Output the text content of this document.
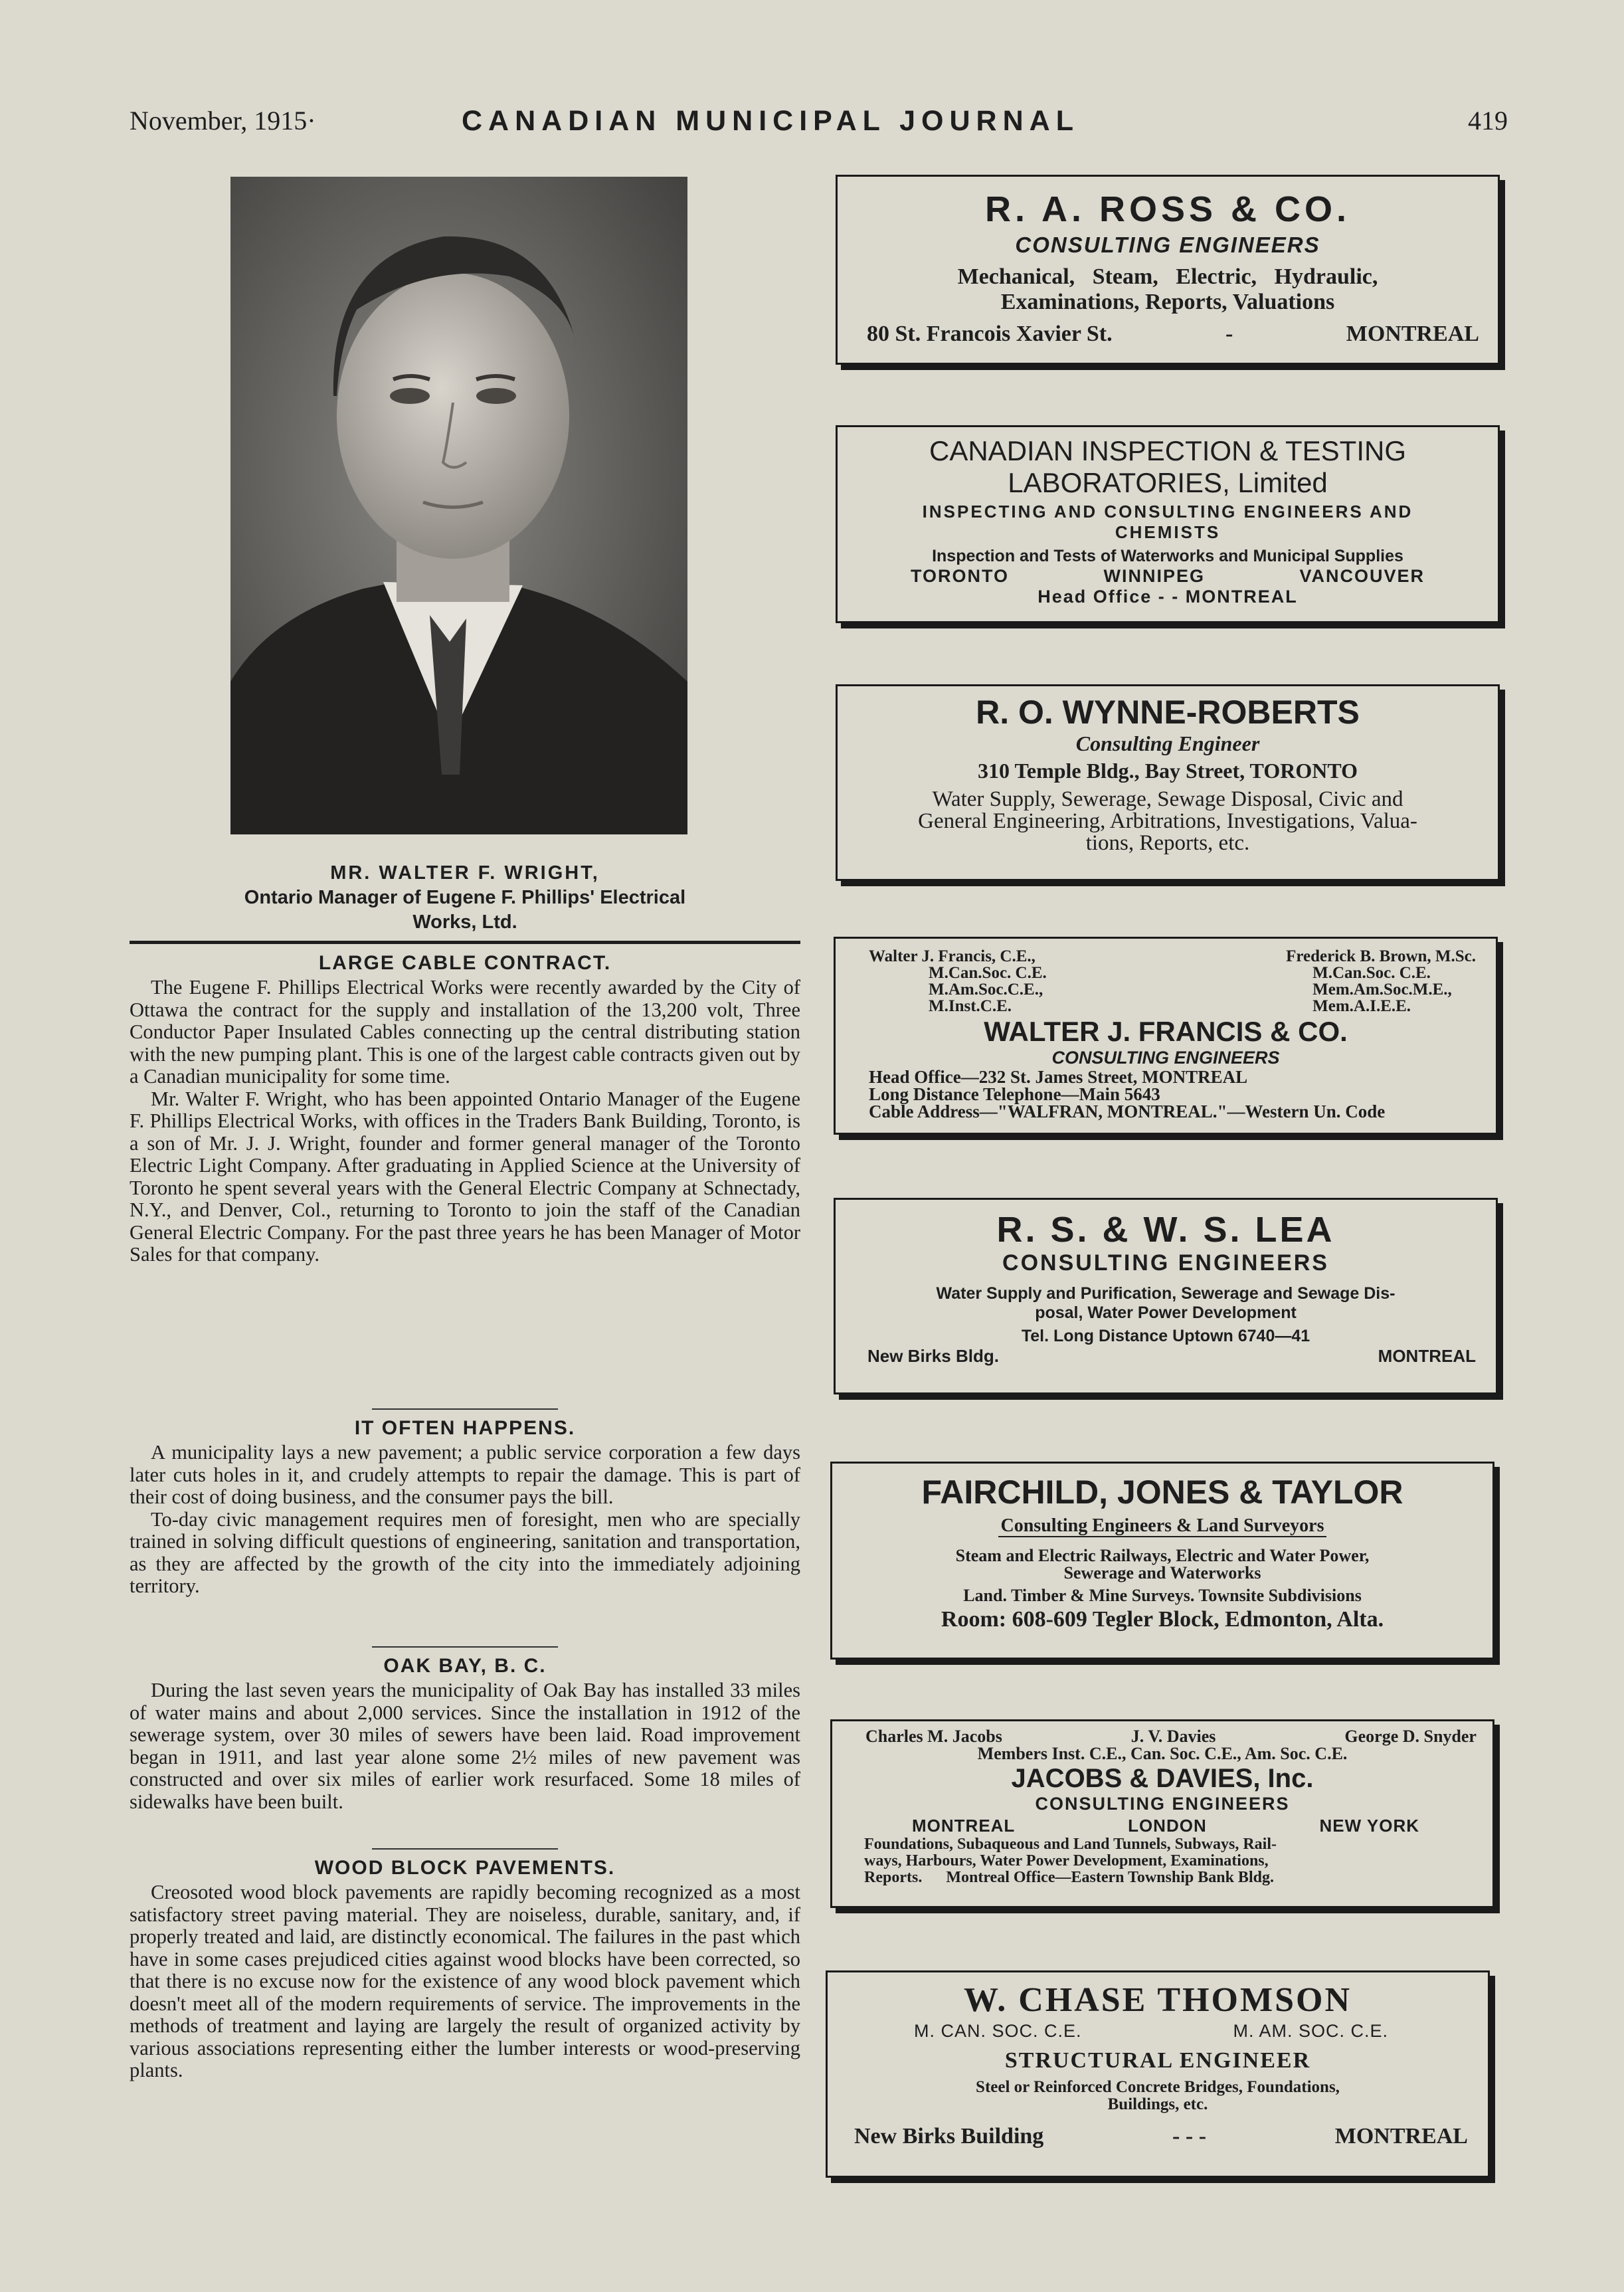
November, 1915·	CANADIAN MUNICIPAL JOURNAL	419
MR. WALTER F. WRIGHT,
Ontario Manager of Eugene F. Phillips' Electrical
Works, Ltd.
LARGE CABLE CONTRACT.

The Eugene F. Phillips Electrical Works were recently awarded by the City of Ottawa the contract for the supply and installation of the 13,200 volt, Three Conductor Paper Insulated Cables connecting up the central distributing station with the new pumping plant. This is one of the largest cable contracts given out by a Canadian municipality for some time.

Mr. Walter F. Wright, who has been appointed Ontario Manager of the Eugene F. Phillips Electrical Works, with offices in the Traders Bank Building, Toronto, is a son of Mr. J. J. Wright, founder and former general manager of the Toronto Electric Light Company. After graduating in Applied Science at the University of Toronto he spent several years with the General Electric Company at Schnectady, N.Y., and Denver, Col., returning to Toronto to join the staff of the Canadian General Electric Company. For the past three years he has been Manager of Motor Sales for that company.

IT OFTEN HAPPENS.

A municipality lays a new pavement; a public service corporation a few days later cuts holes in it, and crudely attempts to repair the damage. This is part of their cost of doing business, and the consumer pays the bill.

To-day civic management requires men of foresight, men who are specially trained in solving difficult questions of engineering, sanitation and transportation, as they are affected by the growth of the city into the immediately adjoining territory.

OAK BAY, B. C.

During the last seven years the municipality of Oak Bay has installed 33 miles of water mains and about 2,000 services. Since the installation in 1912 of the sewerage system, over 30 miles of sewers have been laid. Road improvement began in 1911, and last year alone some 2½ miles of new pavement was constructed and over six miles of earlier work resurfaced. Some 18 miles of sidewalks have been built.

WOOD BLOCK PAVEMENTS.

Creosoted wood block pavements are rapidly becoming recognized as a most satisfactory street paving material. They are noiseless, durable, sanitary, and, if properly treated and laid, are distinctly economical. The failures in the past which have in some cases prejudiced cities against wood blocks have been corrected, so that there is no excuse now for the existence of any wood block pavement which doesn't meet all of the modern requirements of service. The improvements in the methods of treatment and laying are largely the result of organized activity by various associations representing either the lumber interests or wood-preserving plants.

R. A. ROSS & CO.
CONSULTING ENGINEERS
Mechanical, Steam, Electric, Hydraulic,
Examinations, Reports, Valuations
80 St. Francois Xavier St.	-	MONTREAL
CANADIAN INSPECTION & TESTING
LABORATORIES, Limited
INSPECTING AND CONSULTING ENGINEERS AND
CHEMISTS
Inspection and Tests of Waterworks and Municipal Supplies
TORONTO	WINNIPEG	VANCOUVER
Head Office - - MONTREAL
R. O. WYNNE-ROBERTS
Consulting Engineer
310 Temple Bldg., Bay Street, TORONTO
Water Supply, Sewerage, Sewage Disposal, Civic and
General Engineering, Arbitrations, Investigations, Valua-
tions, Reports, etc.
Walter J. Francis, C.E.,
M.Can.Soc. C.E.
M.Am.Soc.C.E.,
M.Inst.C.E.
Frederick B. Brown, M.Sc.
M.Can.Soc. C.E.
Mem.Am.Soc.M.E.,
Mem.A.I.E.E.
WALTER J. FRANCIS & CO.
CONSULTING ENGINEERS
Head Office—232 St. James Street, MONTREAL
Long Distance Telephone—Main 5643
Cable Address—"WALFRAN, MONTREAL."—Western Un. Code
R. S. & W. S. LEA
CONSULTING ENGINEERS
Water Supply and Purification, Sewerage and Sewage Dis-
posal, Water Power Development
Tel. Long Distance Uptown 6740—41
New Birks Bldg.	MONTREAL
FAIRCHILD, JONES & TAYLOR
Consulting Engineers & Land Surveyors
Steam and Electric Railways, Electric and Water Power,
Sewerage and Waterworks
Land. Timber & Mine Surveys. Townsite Subdivisions
Room: 608-609 Tegler Block, Edmonton, Alta.
Charles M. Jacobs	J. V. Davies	George D. Snyder
Members Inst. C.E., Can. Soc. C.E., Am. Soc. C.E.
JACOBS & DAVIES, Inc.
CONSULTING ENGINEERS
MONTREAL	LONDON	NEW YORK
Foundations, Subaqueous and Land Tunnels, Subways, Rail-
ways, Harbours, Water Power Development, Examinations,
Reports. Montreal Office—Eastern Township Bank Bldg.
W. CHASE THOMSON
M. CAN. SOC. C.E.	M. AM. SOC. C.E.
STRUCTURAL ENGINEER
Steel or Reinforced Concrete Bridges, Foundations,
Buildings, etc.
New Birks Building	- - -	MONTREAL
